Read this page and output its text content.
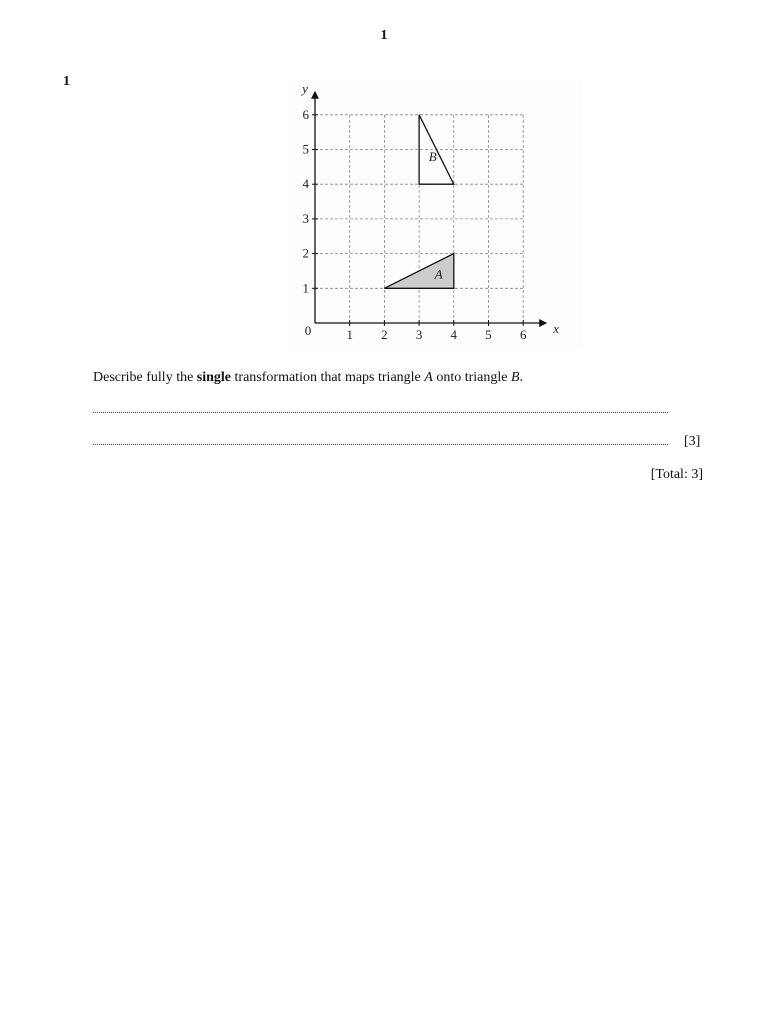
1
1
1 2 3 4 5 6
1
2
3
4
5
6
0	x
y
A
B
Describe fully the single transformation that maps triangle A onto triangle B.
[3]
[Total: 3]
